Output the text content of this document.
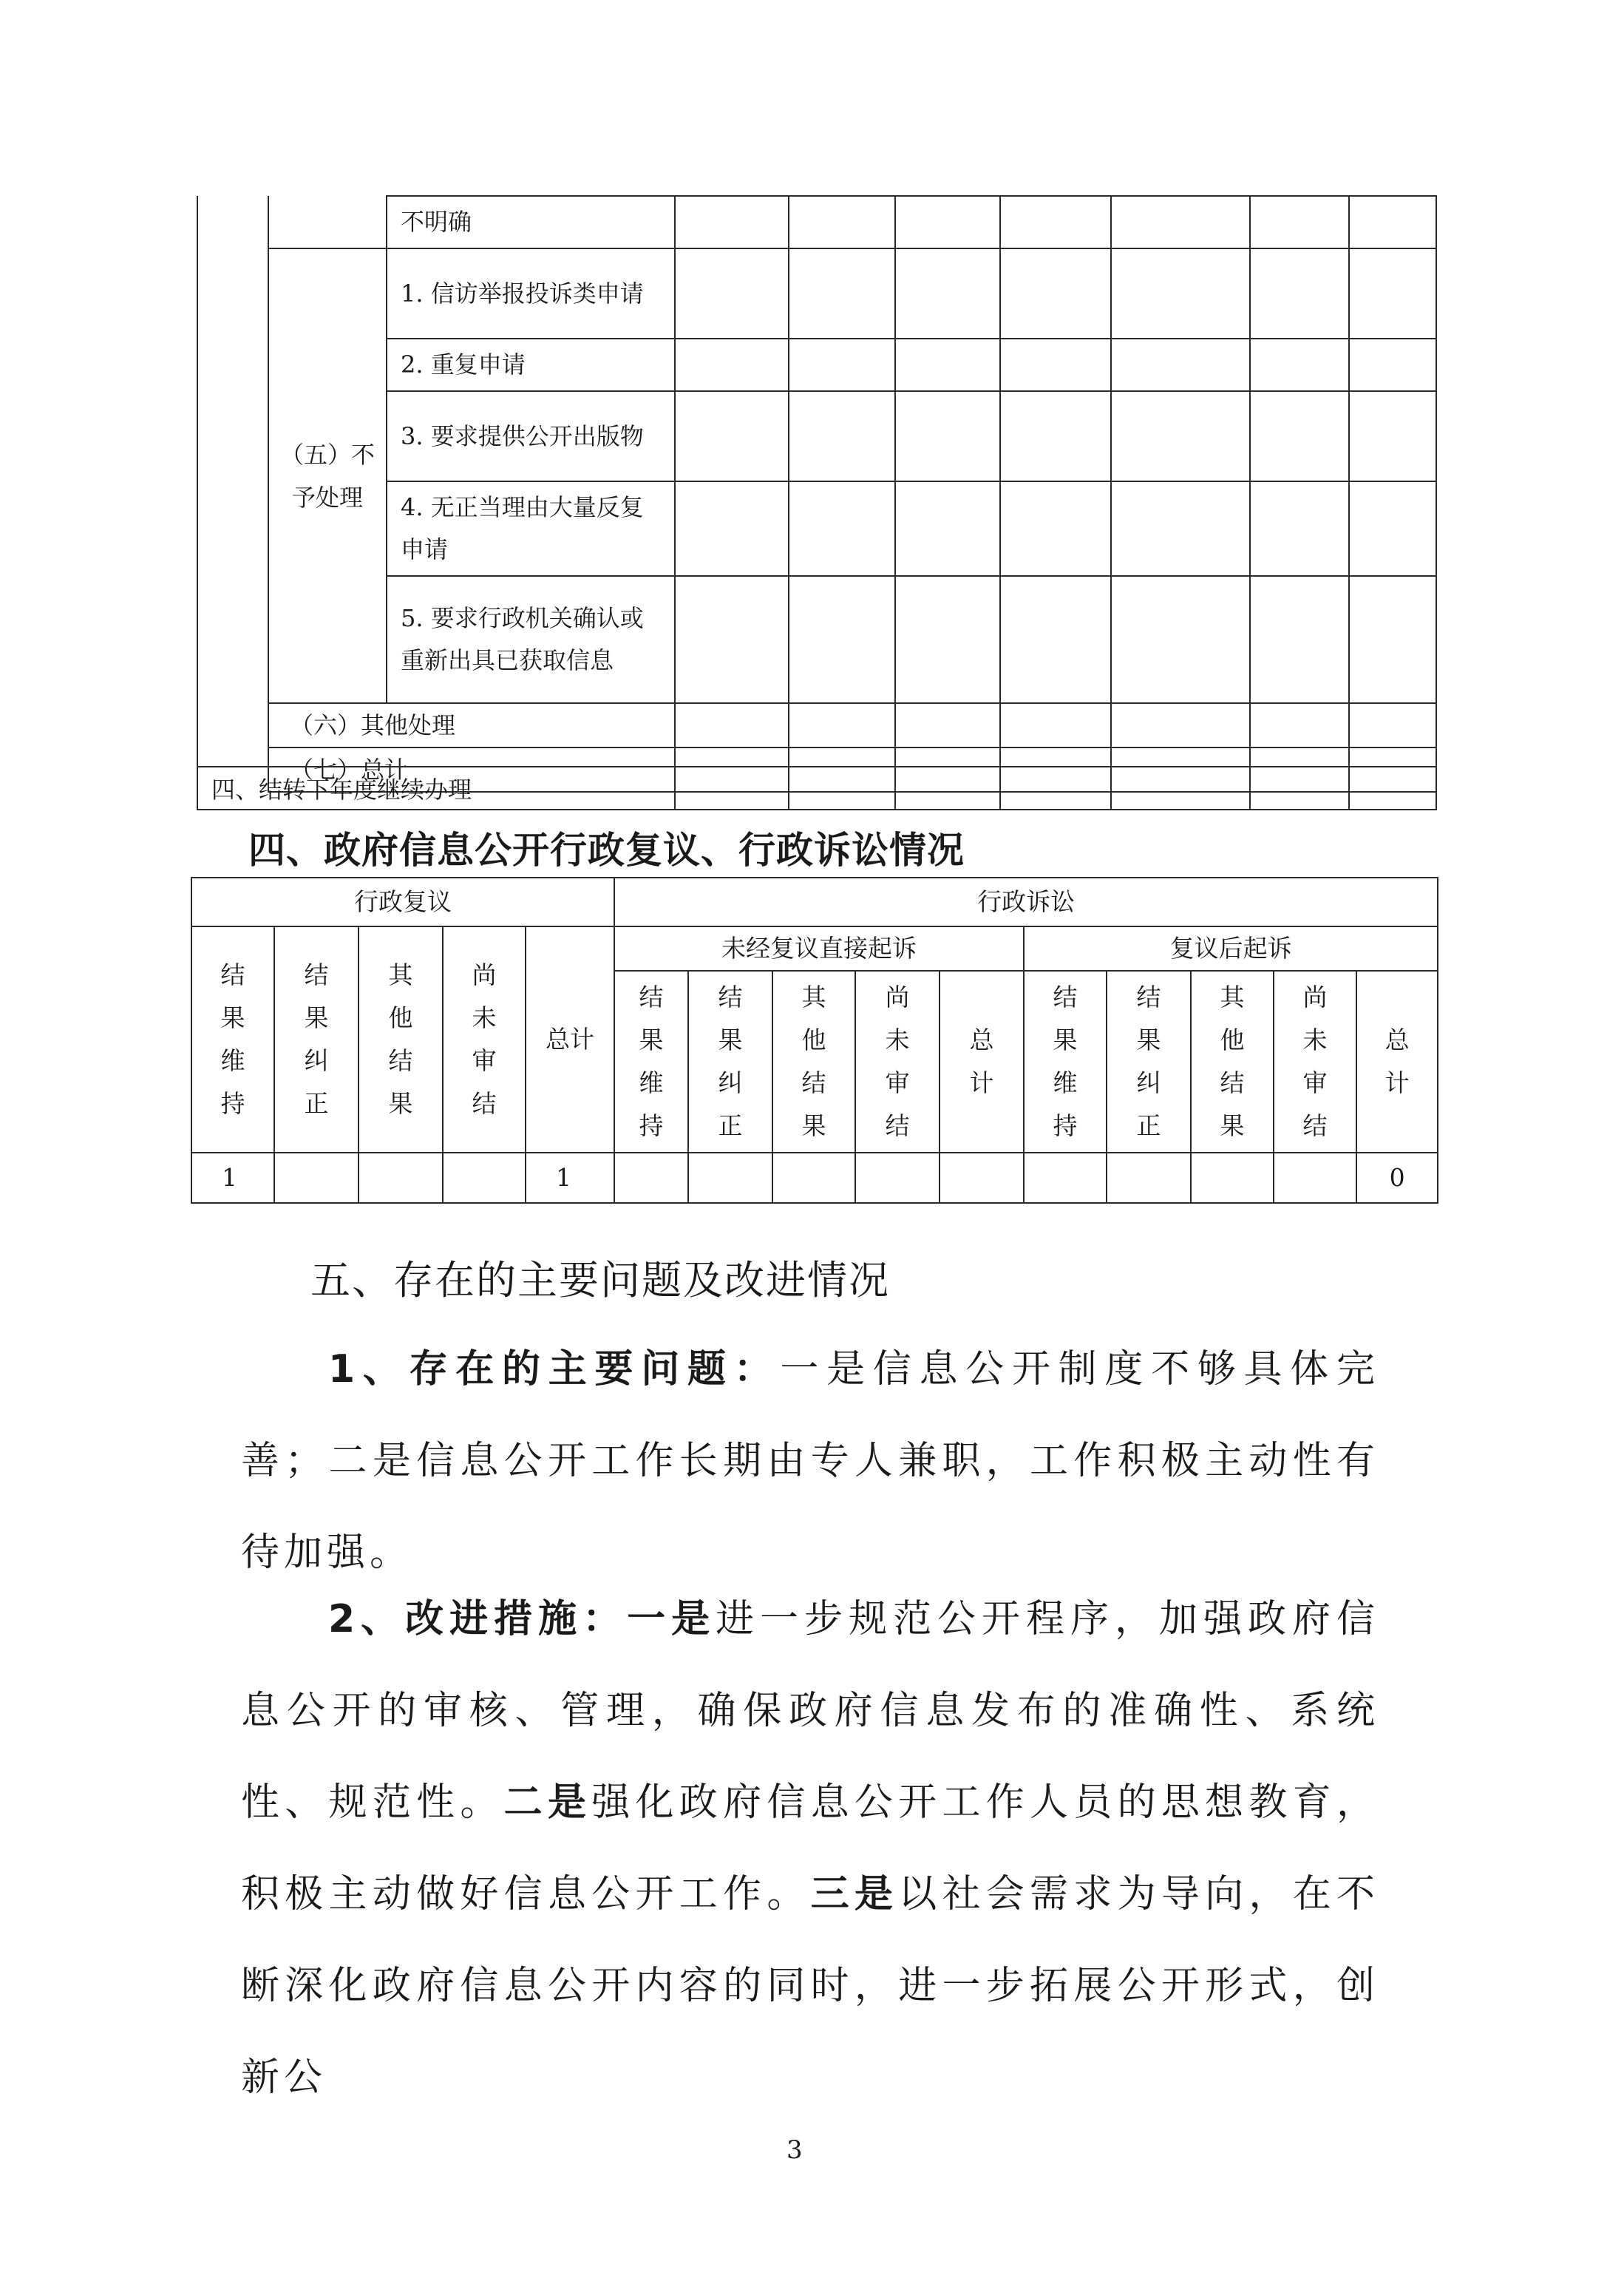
		不明确							
	（五）不予处理	1. 信访举报投诉类申请							
		2. 重复申请							
		3. 要求提供公开出版物							
		4. 无正当理由大量反复申请							
		5. 要求行政机关确认或重新出具已获取信息							
	（六）其他处理								
	（七）总计								
四、结转下年度继续办理							
四、政府信息公开行政复议、行政诉讼情况
行政复议					行政诉讼									
结
果
维
持	结
果
纠
正	其
他
结
果	尚
未
审
结	总计	未经复议直接起诉					复议后起诉				
					结
果
维
持	结
果
纠
正	其
他
结
果	尚
未
审
结	总
计	结
果
维
持	结
果
纠
正	其
他
结
果	尚
未
审
结	总
计
1				1										0
五、存在的主要问题及改进情况

1、存在的主要问题：一是信息公开制度不够具体完善；二是信息公开工作长期由专人兼职，工作积极主动性有待加强。

2、改进措施：一是进一步规范公开程序，加强政府信息公开的审核、管理，确保政府信息发布的准确性、系统性、规范性。二是强化政府信息公开工作人员的思想教育，积极主动做好信息公开工作。三是以社会需求为导向，在不断深化政府信息公开内容的同时，进一步拓展公开形式，创新公

3
